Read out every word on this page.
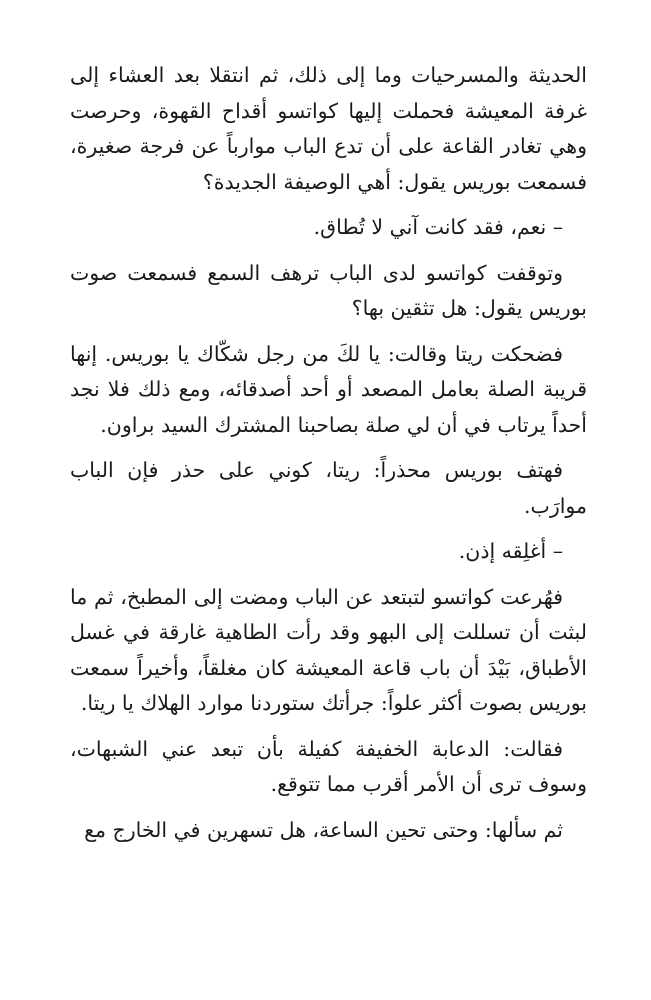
الحديثة والمسرحيات وما إلى ذلك، ثم انتقلا بعد العشاء إلى غرفة المعيشة فحملت إليها كواتسو أقداح القهوة، وحرصت وهي تغادر القاعة على أن تدع الباب موارباً عن فرجة صغيرة، فسمعت بوريس يقول: أهي الوصيفة الجديدة؟

– نعم، فقد كانت آني لا تُطاق.

وتوقفت كواتسو لدى الباب ترهف السمع فسمعت صوت بوريس يقول: هل تثقين بها؟

فضحكت ريتا وقالت: يا لكَ من رجل شكّاك يا بوريس. إنها قريبة الصلة بعامل المصعد أو أحد أصدقائه، ومع ذلك فلا نجد أحداً يرتاب في أن لي صلة بصاحبنا المشترك السيد براون.

فهتف بوريس محذراً: ريتا، كوني على حذر فإن الباب موارَب.

– أغلِقه إذن.

فهُرعت كواتسو لتبتعد عن الباب ومضت إلى المطبخ، ثم ما لبثت أن تسللت إلى البهو وقد رأت الطاهية غارقة في غسل الأطباق، بَيْدَ أن باب قاعة المعيشة كان مغلقاً، وأخيراً سمعت بوريس بصوت أكثر علواً: جرأتك ستوردنا موارد الهلاك يا ريتا.

فقالت: الدعابة الخفيفة كفيلة بأن تبعد عني الشبهات، وسوف ترى أن الأمر أقرب مما تتوقع.

ثم سألها: وحتى تحين الساعة، هل تسهرين في الخارج مع
